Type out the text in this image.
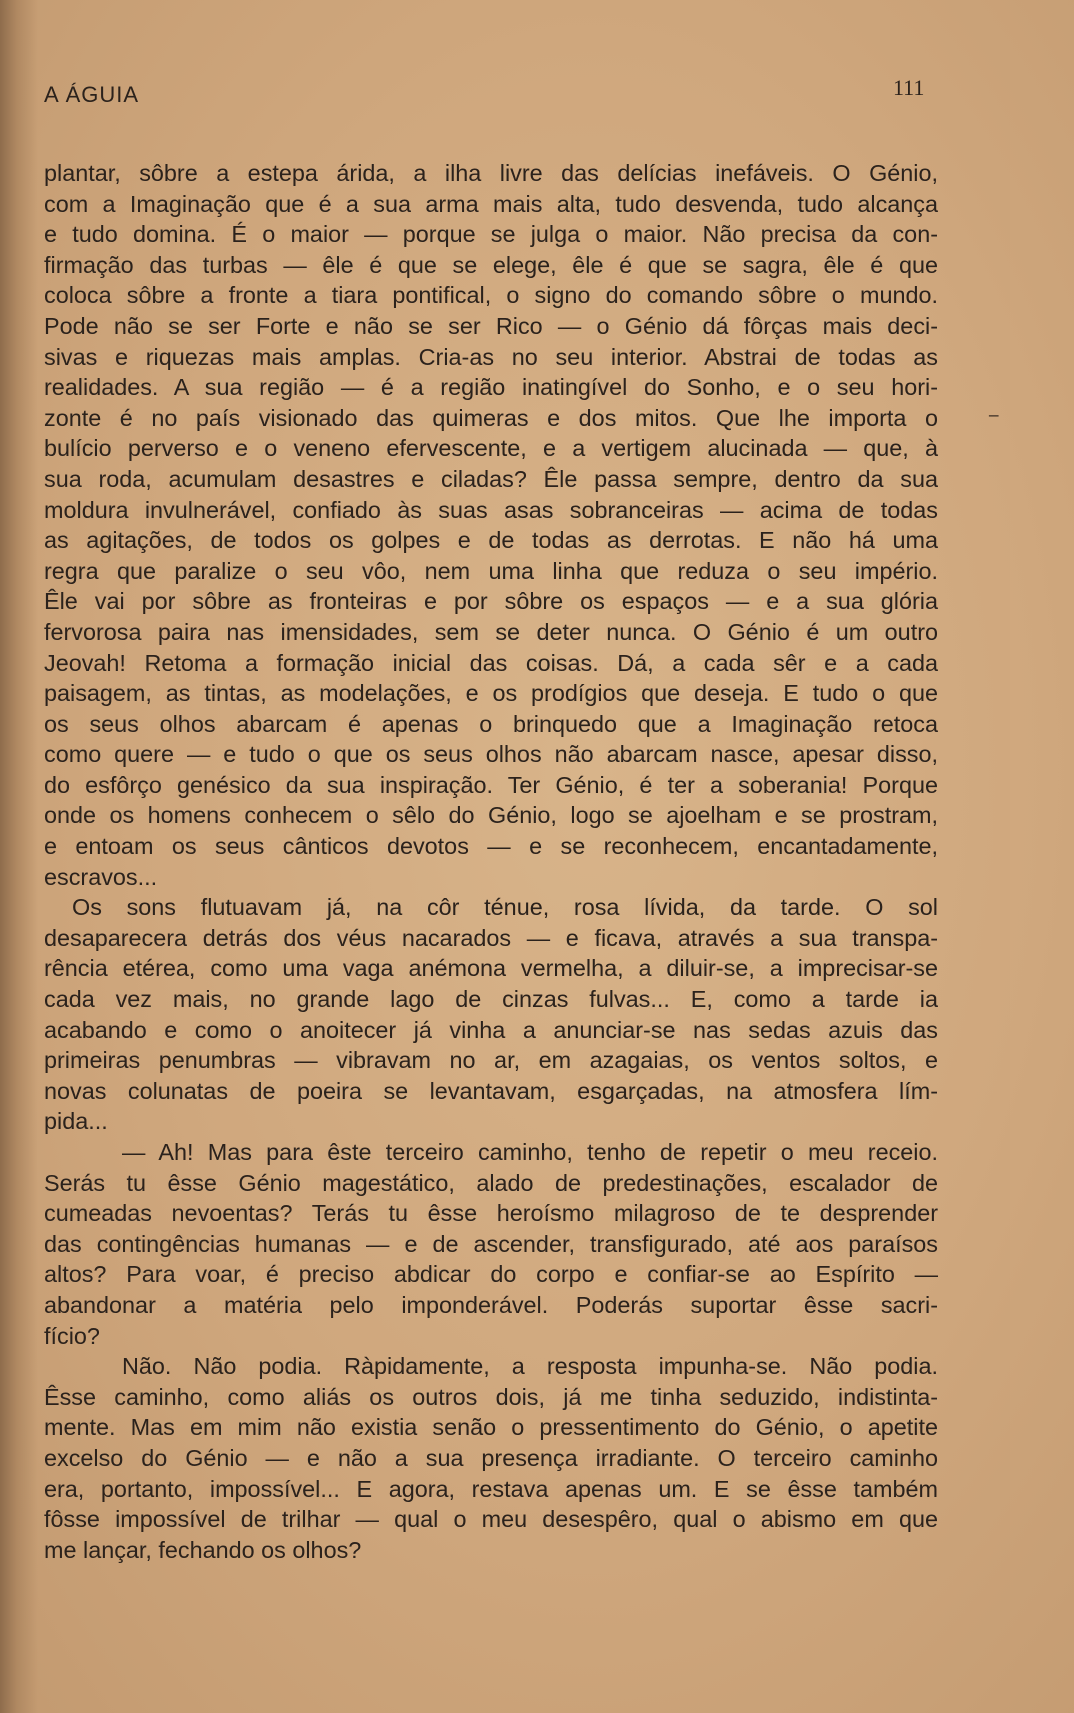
A ÁGUIA	111
plantar, sôbre a estepa árida, a ilha livre das delícias inefáveis. O Génio,
com a Imaginação que é a sua arma mais alta, tudo desvenda, tudo alcança
e tudo domina. É o maior — porque se julga o maior. Não precisa da con-
firmação das turbas — êle é que se elege, êle é que se sagra, êle é que
coloca sôbre a fronte a tiara pontifical, o signo do comando sôbre o mundo.
Pode não se ser Forte e não se ser Rico — o Génio dá fôrças mais deci-
sivas e riquezas mais amplas. Cria-as no seu interior. Abstrai de todas as
realidades. A sua região — é a região inatingível do Sonho, e o seu hori-
zonte é no país visionado das quimeras e dos mitos. Que lhe importa o
bulício perverso e o veneno efervescente, e a vertigem alucinada — que, à
sua roda, acumulam desastres e ciladas? Êle passa sempre, dentro da sua
moldura invulnerável, confiado às suas asas sobranceiras — acima de todas
as agitações, de todos os golpes e de todas as derrotas. E não há uma
regra que paralize o seu vôo, nem uma linha que reduza o seu império.
Êle vai por sôbre as fronteiras e por sôbre os espaços — e a sua glória
fervorosa paira nas imensidades, sem se deter nunca. O Génio é um outro
Jeovah! Retoma a formação inicial das coisas. Dá, a cada sêr e a cada
paisagem, as tintas, as modelações, e os prodígios que deseja. E tudo o que
os seus olhos abarcam é apenas o brinquedo que a Imaginação retoca
como quere — e tudo o que os seus olhos não abarcam nasce, apesar disso,
do esfôrço genésico da sua inspiração. Ter Génio, é ter a soberania! Porque
onde os homens conhecem o sêlo do Génio, logo se ajoelham e se prostram,
e entoam os seus cânticos devotos — e se reconhecem, encantadamente,
escravos...
Os sons flutuavam já, na côr ténue, rosa lívida, da tarde. O sol
desaparecera detrás dos véus nacarados — e ficava, através a sua transpa-
rência etérea, como uma vaga anémona vermelha, a diluir-se, a imprecisar-se
cada vez mais, no grande lago de cinzas fulvas... E, como a tarde ia
acabando e como o anoitecer já vinha a anunciar-se nas sedas azuis das
primeiras penumbras — vibravam no ar, em azagaias, os ventos soltos, e
novas colunatas de poeira se levantavam, esgarçadas, na atmosfera lím-
pida...
— Ah! Mas para êste terceiro caminho, tenho de repetir o meu receio.
Serás tu êsse Génio magestático, alado de predestinações, escalador de
cumeadas nevoentas? Terás tu êsse heroísmo milagroso de te desprender
das contingências humanas — e de ascender, transfigurado, até aos paraísos
altos? Para voar, é preciso abdicar do corpo e confiar-se ao Espírito —
abandonar a matéria pelo imponderável. Poderás suportar êsse sacri-
fício?
Não. Não podia. Ràpidamente, a resposta impunha-se. Não podia.
Êsse caminho, como aliás os outros dois, já me tinha seduzido, indistinta-
mente. Mas em mim não existia senão o pressentimento do Génio, o apetite
excelso do Génio — e não a sua presença irradiante. O terceiro caminho
era, portanto, impossível... E agora, restava apenas um. E se êsse também
fôsse impossível de trilhar — qual o meu desespêro, qual o abismo em que
me lançar, fechando os olhos?
‒
